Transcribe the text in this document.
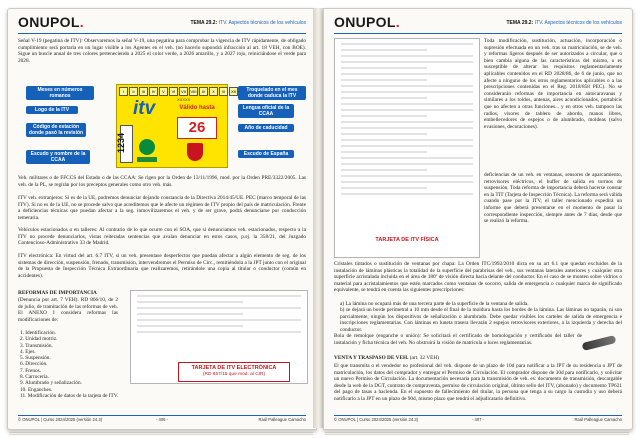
ONUPOL.	TEMA 29.2: ITV. Aspectos técnicos de los vehículos
Señal V-19 (pegatina de ITV): Observaremos la señal V-19, una pegatina para comprobar la vigencia de ITV rápidamente, de obligado cumplimiento será portarla en un lugar visible a los Agentes en el veh. (no hacerlo supondrá infracción al art. 18 VEH, con BOE). Sigue un buscle anual de tres colores perteneciendo a 2025 el color verde, a 2026 amarillo, y a 2027 rojo, reiniciándose el verde para 2028.
Meses en números romanos
Logo de la ITV
Código de estación donde pasó la revisión
Escudo y nombre de la CCAA
Troquelado en el mes donde caduca la ITV
Lengua oficial de la CCAA
Año de caducidad
Escudo de España
I	II	III	IV	V	VI	VII	VIII	IX	X	XI	XII
itv	XXXXX
Válido hasta
26
1234
Veh. militares o de FFCCS del Estado o de las CCAA: Se rigen por la Orden de 13/11/1996, mod. por la Orden PRE/3322/2005. Las veh. de la PL, se regirán por los preceptos generales como otro veh. más.
ITV veh. extranjeros: Si es de la UE, podremos denunciar dejando constancia de la Directiva 2014/45/UE. PEC (marco temporal de las ITV). Si no es de la UE, no se procede salvo que acreditemos que le afecte un régimen de ITV propio del país de matriculación. Frente a deficiencias técnicas que puedan afectar a la seg. inmovilizaremos el veh. y de ser grave, podrá denunciarse por conducción temeraria.
Vehículos estacionados o en talleres: Al contrario de lo que ocurre con el SOA, que si denunciamos veh. estacionados, respecto a la ITV no procede denunciarlos, vistas reiteradas sentencias que avalan denunciar en estos casos, p.ej. la 358/21, del Juzgado Contencioso-Administrativo 33 de Madrid.
ITV electrónica: En virtud del art. 6.7 ITV, si un veh. presentase desperfectos que puedan afectar a algún elemento de seg. de los sistemas de dirección, suspensión, frenado, transmisión, intervendremos el Permiso de Circ., remitiéndola a la JPT junto con el original de la Propuesta de Inspección Técnica Extraordinaria que realizaremos, retirándole una copia al titular o conductor (común en accidentes).
REFORMAS DE IMPORTANCIA
(Denuncia por art. 7 VEH). RD 866/10, de 2 de julio, de tramitación de las reformas de veh. El ANEXO I considera reformas las modificaciones de:
1. Identificación.
2. Unidad motriz.
3. Transmisión.
4. Ejes.
5. Suspensión.
6. Dirección.
7. Frenos.
8. Carrocería.
9. Alumbrado y señalización.
10. Enganches.
11. Modificación de datos de la tarjeta de ITV.
TARJETA DE ITV ELECTRÓNICA
(RD 667/15 que mod. al CIR)
© ONUPOL | Curso 2024/2025 (versión 24.3)	- 406 -	Raúl Palleague Camacho
ONUPOL.	TEMA 29.2: ITV. Aspectos técnicos de los vehículos
TARJETA DE ITV FÍSICA
Toda modificación, sustitución, actuación, incorporación o supresión efectuada en un veh. tras su matriculación, se de veh. y reformas ligeros después de ser autorizados a circular, que o bien cambia alguna de las características del mismo, o es susceptible de alterar los requisitos reglamentariamente aplicables contenidos en el RD 2028/86, de 6 de junio, que no afecte a ninguno de los otros reglamentarios aplicables o a las prescripciones contenidas en el Reg. 2018/858 PEC). No se considerarán reformas de importancia en autocaravanas y similares a los toldos, antenas, aires acondicionados, portabicis que no afecten a otras funciones... y en otros veh. tampoco las radios, visores de tablero de abordo, manos libres, embellecedores de espejos o de alumbrado, moldeas (salvo evasiones, decoraciones).
deficiencias de un veh. en ventanas, sensores de aparcamiento, retrovisores eléctricos, el buffer de salida en tormos de suspensión. Toda reforma de importancia deberá hacerse constar en la TIT (Tarjeta de Inspección Técnica). La reforma será válida cuando pase por la ITV, el taller mencionado expedirá un informe que deberá presentarse en el momento de pasar la correspondiente inspección, siempre antes de 7 días, desde que se realizó la reforma.
Cristales tintados o sustitución de ventanas por chapa: La Orden ITC/1992/2010 dicta en su art 6.1 que quedan excluidos de la instalación de láminas plásticas la totalidad de la superficie del parabrisas del veh., sus ventanas laterales anteriores y cualquier otra superficie acristalada incluida en el área de 180º de visión directa hacia delante del conductor. En el caso de se monten sobre vidrios o material para acristalamientos que estén marcados como ventanas de socorro, salida de emergencia o cualquier marca de significado equivalente, se tendrá en cuenta las siguientes prescripciones:
a) La lámina no ocupará más de una tercera parte de la superficie de la ventana de salida.
b) se dejará un borde perimetral a 10 mm desde el final de la moldura hasta los bordes de la lámina. Las láminas no taparán, ni son parcialmente, ningún los dispositivos de señalización o alumbrado. Debe quedar visibles los carteles de salida de emergencia e inscripciones reglamentarias. Con láminas en luneta trasera llevarán 2 espejos retrovisores exteriores, a la izquierda y derecha del conductor.
Bola de remolque (enganche o unión): Se solicitará el certificado de homologación y certificado del taller de instalación y ficha técnica del veh. No obstruirá la visión de matrícula o luces reglamentarias.
VENTA Y TRASPASO DE VEH. (art. 32 VEH)
El que transmita o el vendedor no profesional del veh. dispone de un plazo de 10d para notificar a la JPT de su residencia o JPT de matriculación, los datos del comprador y entregar el Permiso de Circulación. El comprador dispone de 30d para notificarlo, y solicitar un nuevo Permiso de Circulación. La documentación necesaria para la transmisión de veh. es: documento de transmisión, descargable desde la web de la DGT, contrato de compraventa, permiso de circulación original, último sello del ITV, (abonado) y documento TP621 del pago de tasas a hacienda. En el supuesto de fallecimiento del titular, la persona que tenga a su cargo la custodia y uso deberá notificarlo a la JPT en un plazo de 90d, mismo plazo que tendrá el adjudicatario definitivo.
© ONUPOL | Curso 2024/2025 (versión 24.3)	- 407 -	Raúl Palleague Camacho
